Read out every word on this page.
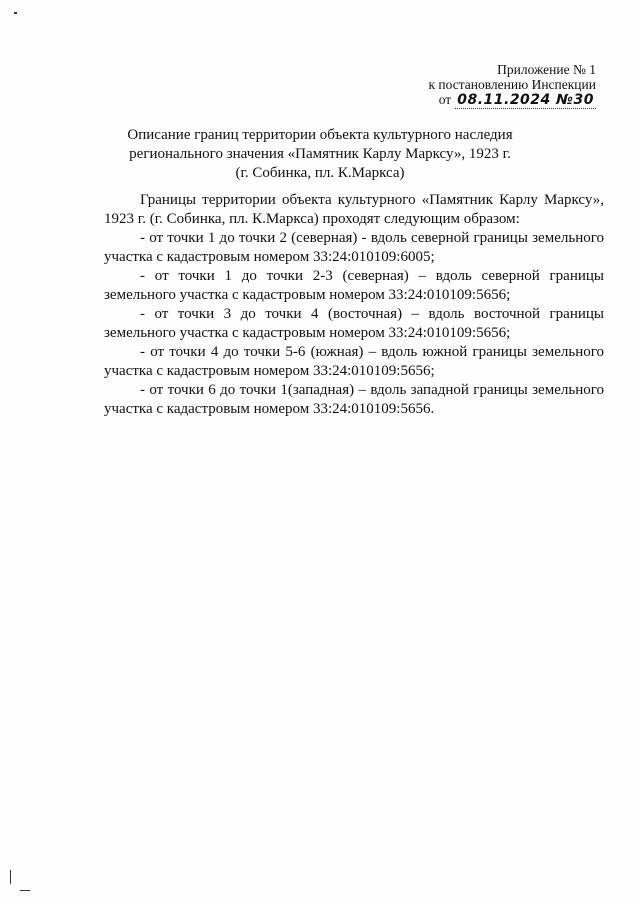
Приложение № 1
к постановлению Инспекции
от 08.11.2024 №30
Описание границ территории объекта культурного наследия
регионального значения «Памятник Карлу Марксу», 1923 г.
(г. Собинка, пл. К.Маркса)

Границы территории объекта культурного «Памятник Карлу Марксу», 1923 г. (г. Собинка, пл. К.Маркса) проходят следующим образом:

- от точки 1 до точки 2 (северная) - вдоль северной границы земельного участка с кадастровым номером 33:24:010109:6005;

- от точки 1 до точки 2-3 (северная) – вдоль северной границы земельного участка с кадастровым номером 33:24:010109:5656;

- от точки 3 до точки 4 (восточная) – вдоль восточной границы земельного участка с кадастровым номером 33:24:010109:5656;

- от точки 4 до точки 5-6 (южная) – вдоль южной границы земельного участка с кадастровым номером 33:24:010109:5656;

- от точки 6 до точки 1(западная) – вдоль западной границы земельного участка с кадастровым номером 33:24:010109:5656.
